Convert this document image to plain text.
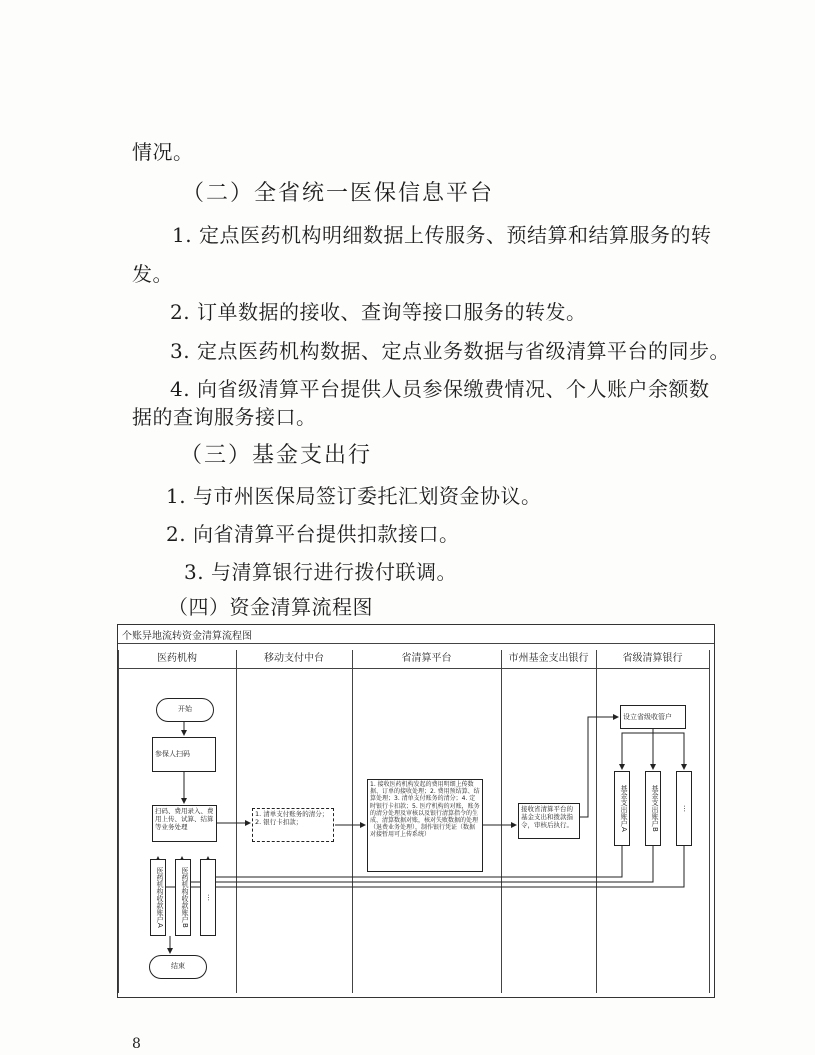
情况。
（二）全省统一医保信息平台
1. 定点医药机构明细数据上传服务、预结算和结算服务的转
发。
2. 订单数据的接收、查询等接口服务的转发。
3. 定点医药机构数据、定点业务数据与省级清算平台的同步。
4. 向省级清算平台提供人员参保缴费情况、个人账户余额数
据的查询服务接口。
（三）基金支出行
1. 与市州医保局签订委托汇划资金协议。
2. 向省清算平台提供扣款接口。
3. 与清算银行进行拨付联调。
（四）资金清算流程图
个账异地流转资金清算流程图
医药机构	移动支付中台	省清算平台	市州基金支出银行	省级清算银行
开始
参保人扫码
扫码、费用录入、费用上传、试算、结算等业务处理
医药机构收款账户A	医药机构收款账户B	…
结束
1. 清单支付账务的清分；2. 银行卡扣款；
1. 接收医药机构发起的费用明细上传数据、订单的接收处理；2. 费用预结算、结算处理；3. 清单支付账务的清分；4. 定时银行卡扣款；5. 医疗机构的对账，账务的清分处理及审核以及银行清算指令的生成、清算数据对账，核对失败数据的处理（退费业务处理），制作银行凭证（数据对接暂用可上传系统）
接收省清算平台的基金支出和拨款指令，审核后执行。
设立省级收管户
基金支出账户A	基金支出账户B	…
8
